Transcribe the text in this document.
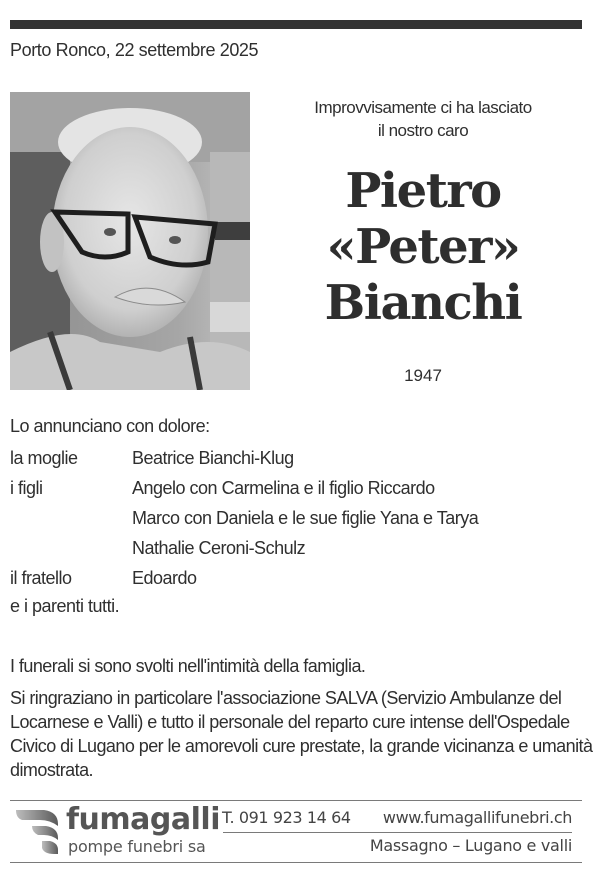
Porto Ronco, 22 settembre 2025
Improvvisamente ci ha lasciato
il nostro caro
Pietro
«Peter»
Bianchi
1947
Lo annunciano con dolore:
la moglie	Beatrice Bianchi-Klug
i figli	Angelo con Carmelina e il figlio Riccardo
Marco con Daniela e le sue figlie Yana e Tarya
Nathalie Ceroni-Schulz
il fratello	Edoardo
e i parenti tutti.
I funerali si sono svolti nell'intimità della famiglia.
Si ringraziano in particolare l'associazione SALVA (Servizio Ambulanze del Locarnese e Valli) e tutto il personale del reparto cure intense dell'Ospedale Civico di Lugano per le amorevoli cure prestate, la grande vicinanza e umanità dimostrata.
fumagalli
pompe funebri sa
T. 091 923 14 64 www.fumagallifunebri.ch
Massagno – Lugano e valli
